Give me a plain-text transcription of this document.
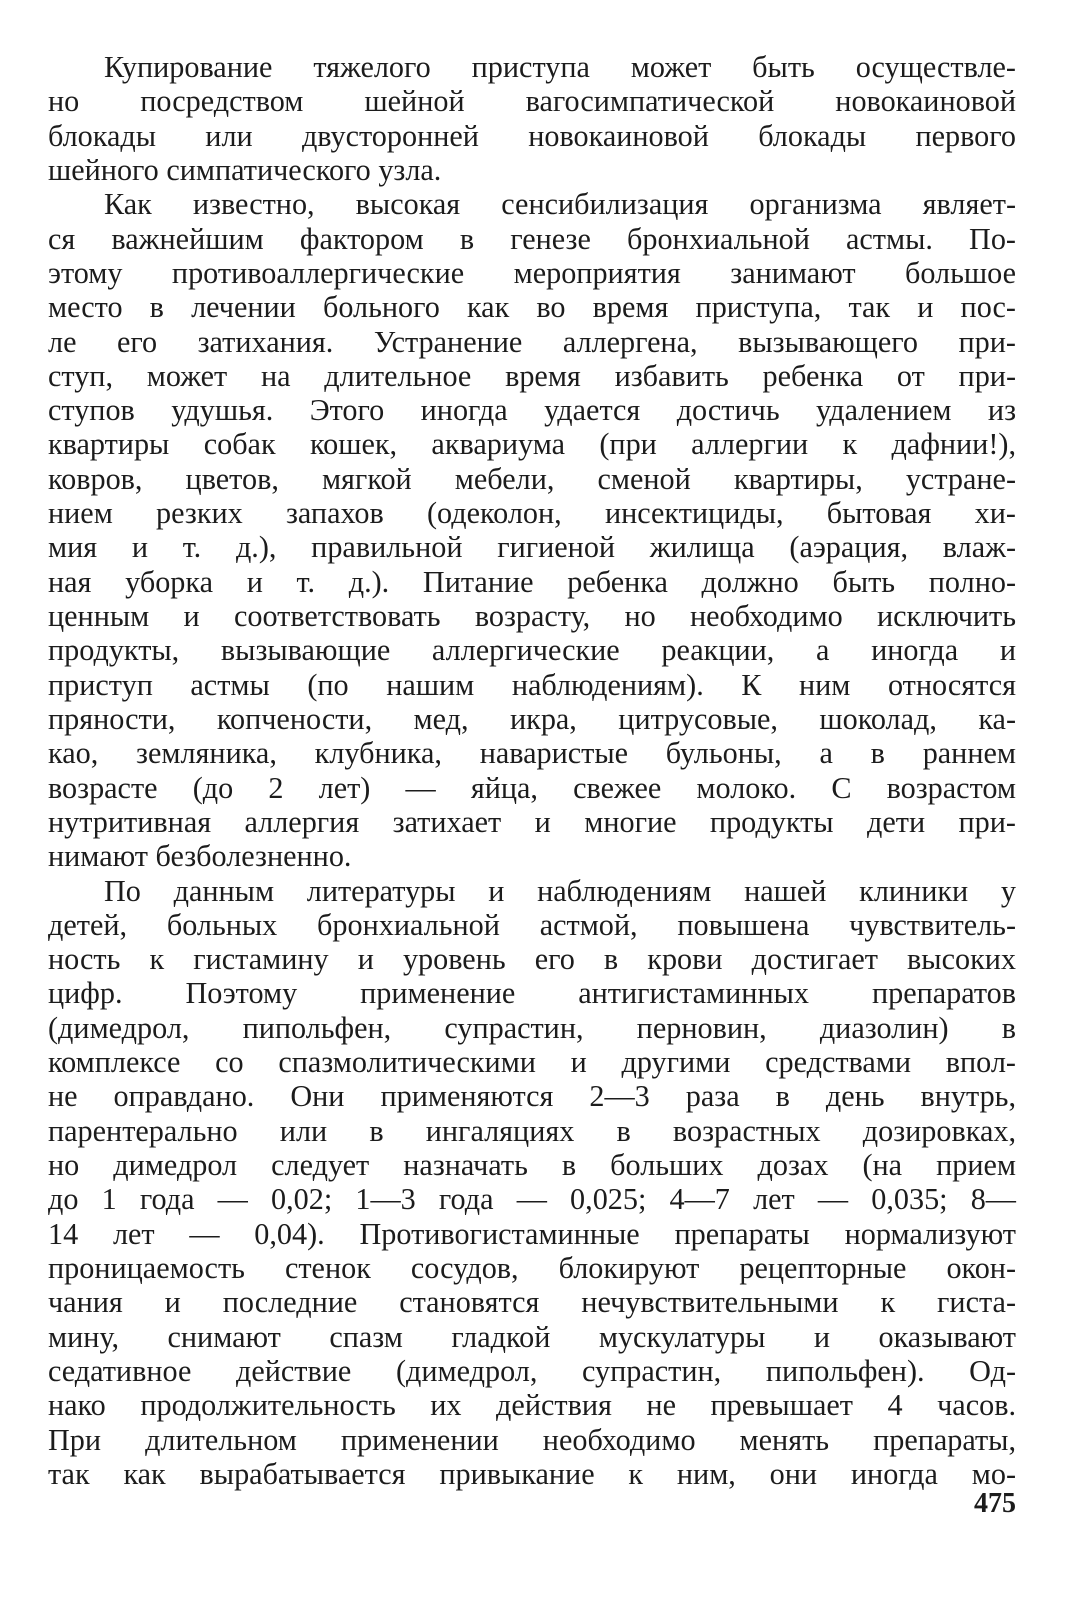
Купирование тяжелого приступа может быть осуществле-
но посредством шейной вагосимпатической новокаиновой
блокады или двусторонней новокаиновой блокады первого
шейного симпатического узла.
Как известно, высокая сенсибилизация организма являет-
ся важнейшим фактором в генезе бронхиальной астмы. По-
этому противоаллергические мероприятия занимают большое
место в лечении больного как во время приступа, так и пос-
ле его затихания. Устранение аллергена, вызывающего при-
ступ, может на длительное время избавить ребенка от при-
ступов удушья. Этого иногда удается достичь удалением из
квартиры собак кошек, аквариума (при аллергии к дафнии!),
ковров, цветов, мягкой мебели, сменой квартиры, устране-
нием резких запахов (одеколон, инсектициды, бытовая хи-
мия и т. д.), правильной гигиеной жилища (аэрация, влаж-
ная уборка и т. д.). Питание ребенка должно быть полно-
ценным и соответствовать возрасту, но необходимо исключить
продукты, вызывающие аллергические реакции, а иногда и
приступ астмы (по нашим наблюдениям). К ним относятся
пряности, копчености, мед, икра, цитрусовые, шоколад, ка-
као, земляника, клубника, наваристые бульоны, а в раннем
возрасте (до 2 лет) — яйца, свежее молоко. С возрастом
нутритивная аллергия затихает и многие продукты дети при-
нимают безболезненно.
По данным литературы и наблюдениям нашей клиники у
детей, больных бронхиальной астмой, повышена чувствитель-
ность к гистамину и уровень его в крови достигает высоких
цифр. Поэтому применение антигистаминных препаратов
(димедрол, пипольфен, супрастин, перновин, диазолин) в
комплексе со спазмолитическими и другими средствами впол-
не оправдано. Они применяются 2—3 раза в день внутрь,
парентерально или в ингаляциях в возрастных дозировках,
но димедрол следует назначать в больших дозах (на прием
до 1 года — 0,02; 1—3 года — 0,025; 4—7 лет — 0,035; 8—
14 лет — 0,04). Противогистаминные препараты нормализуют
проницаемость стенок сосудов, блокируют рецепторные окон-
чания и последние становятся нечувствительными к гиста-
мину, снимают спазм гладкой мускулатуры и оказывают
седативное действие (димедрол, супрастин, пипольфен). Од-
нако продолжительность их действия не превышает 4 часов.
При длительном применении необходимо менять препараты,
так как вырабатывается привыкание к ним, они иногда мо-
475
